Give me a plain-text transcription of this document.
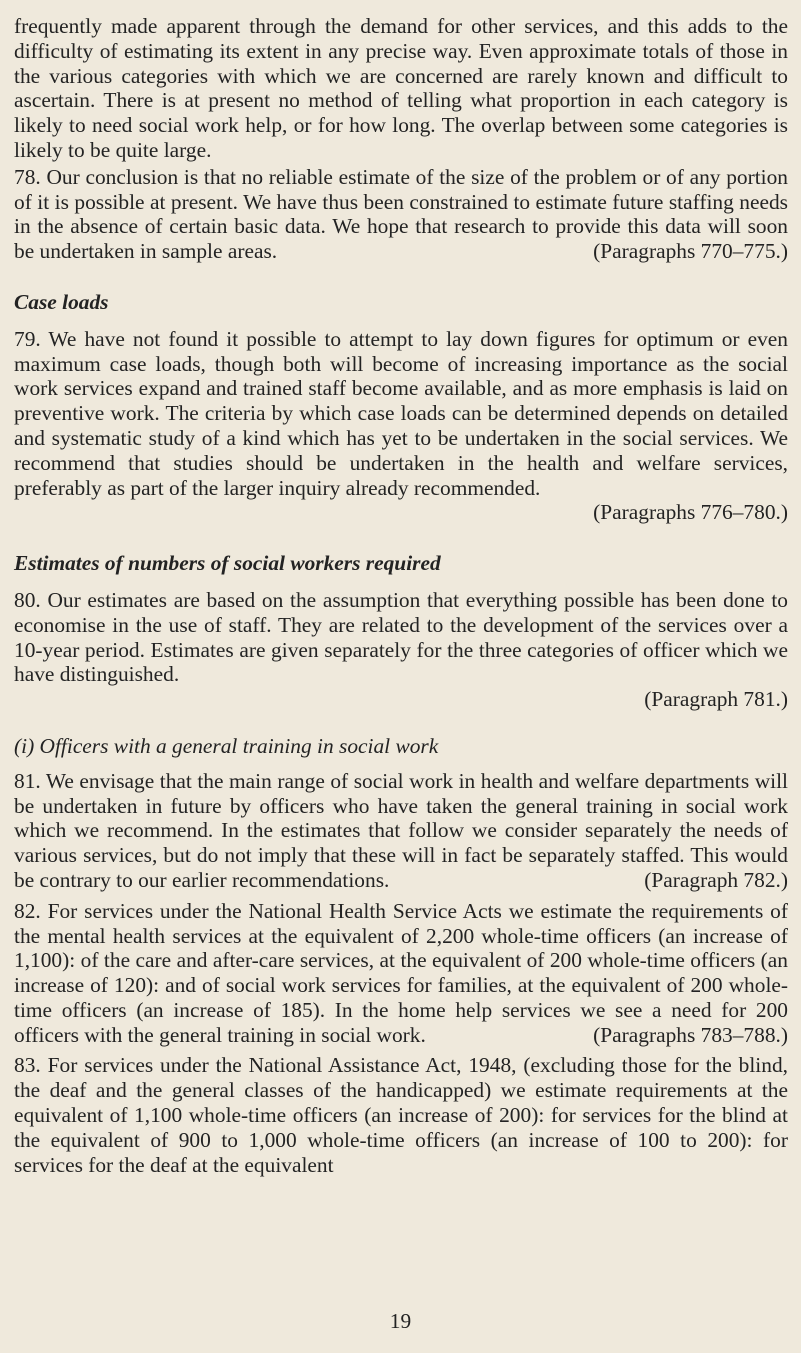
frequently made apparent through the demand for other services, and this adds to the difficulty of estimating its extent in any precise way. Even approximate totals of those in the various categories with which we are concerned are rarely known and difficult to ascertain. There is at present no method of telling what proportion in each category is likely to need social work help, or for how long. The overlap between some categories is likely to be quite large.

78. Our conclusion is that no reliable estimate of the size of the problem or of any portion of it is possible at present. We have thus been constrained to estimate future staffing needs in the absence of certain basic data. We hope that research to provide this data will soon be undertaken in sample areas.	(Paragraphs 770–775.)

Case loads

79. We have not found it possible to attempt to lay down figures for optimum or even maximum case loads, though both will become of increasing importance as the social work services expand and trained staff become available, and as more emphasis is laid on preventive work. The criteria by which case loads can be determined depends on detailed and systematic study of a kind which has yet to be undertaken in the social services. We recommend that studies should be undertaken in the health and welfare services, preferably as part of the larger inquiry already recommended.

(Paragraphs 776–780.)

Estimates of numbers of social workers required

80. Our estimates are based on the assumption that everything possible has been done to economise in the use of staff. They are related to the development of the services over a 10-year period. Estimates are given separately for the three categories of officer which we have distinguished.

(Paragraph 781.)

(i) Officers with a general training in social work

81. We envisage that the main range of social work in health and welfare departments will be undertaken in future by officers who have taken the general training in social work which we recommend. In the estimates that follow we consider separately the needs of various services, but do not imply that these will in fact be separately staffed. This would be contrary to our earlier recommendations.	(Paragraph 782.)

82. For services under the National Health Service Acts we estimate the requirements of the mental health services at the equivalent of 2,200 whole-time officers (an increase of 1,100): of the care and after-care services, at the equivalent of 200 whole-time officers (an increase of 120): and of social work services for families, at the equivalent of 200 whole-time officers (an increase of 185). In the home help services we see a need for 200 officers with the general training in social work.	(Paragraphs 783–788.)

83. For services under the National Assistance Act, 1948, (excluding those for the blind, the deaf and the general classes of the handicapped) we estimate requirements at the equivalent of 1,100 whole-time officers (an increase of 200): for services for the blind at the equivalent of 900 to 1,000 whole-time officers (an increase of 100 to 200): for services for the deaf at the equivalent

19
